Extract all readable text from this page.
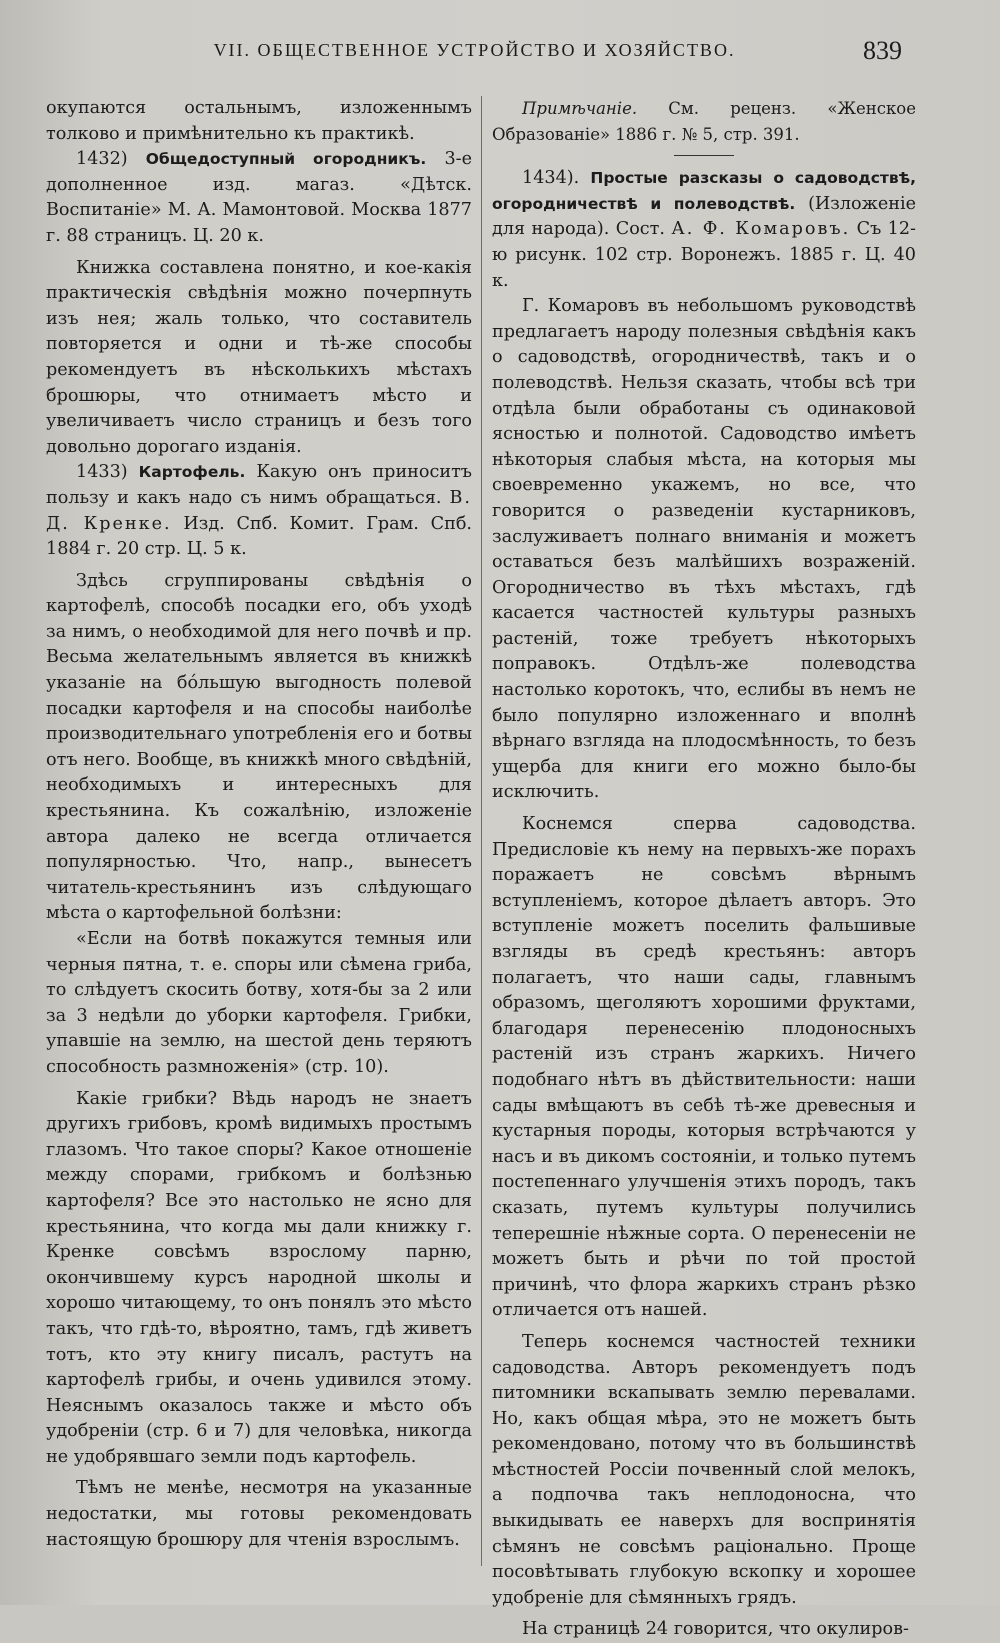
VII. ОБЩЕСТВЕННОЕ УСТРОЙСТВО И ХОЗЯЙСТВО.	839

окупаются остальнымъ, изложеннымъ толково и примѣнительно къ практикѣ.

1432) Общедоступный огородникъ. 3-е дополненное изд. магаз. «Дѣтск. Воспитаніе» М. А. Мамонтовой. Москва 1877 г. 88 страницъ. Ц. 20 к.

Книжка составлена понятно, и кое-какія практическія свѣдѣнія можно почерпнуть изъ нея; жаль только, что составитель повторяется и одни и тѣ-же способы рекомендуетъ въ нѣсколькихъ мѣстахъ брошюры, что отнимаетъ мѣсто и увеличиваетъ число страницъ и безъ того довольно дорогаго изданія.

1433) Картофель. Какую онъ приноситъ пользу и какъ надо съ нимъ обращаться. В. Д. Кренке. Изд. Спб. Комит. Грам. Спб. 1884 г. 20 стр. Ц. 5 к.

Здѣсь сгруппированы свѣдѣнія о картофелѣ, способѣ посадки его, объ уходѣ за нимъ, о необходимой для него почвѣ и пр. Весьма желательнымъ является въ книжкѣ указаніе на бо́льшую выгодность полевой посадки картофеля и на способы наиболѣе производительнаго употребленія его и ботвы отъ него. Вообще, въ книжкѣ много свѣдѣній, необходимыхъ и интересныхъ для крестьянина. Къ сожалѣнію, изложеніе автора далеко не всегда отличается популярностью. Что, напр., вынесетъ читатель-крестьянинъ изъ слѣдующаго мѣста о картофельной болѣзни:

«Если на ботвѣ покажутся темныя или черныя пятна, т. е. споры или сѣмена гриба, то слѣдуетъ скосить ботву, хотя-бы за 2 или за 3 недѣли до уборки картофеля. Грибки, упавшіе на землю, на шестой день теряютъ способность размноженія» (стр. 10).

Какіе грибки? Вѣдь народъ не знаетъ другихъ грибовъ, кромѣ видимыхъ простымъ глазомъ. Что такое споры? Какое отношеніе между спорами, грибкомъ и болѣзнью картофеля? Все это настолько не ясно для крестьянина, что когда мы дали книжку г. Кренке совсѣмъ взрослому парню, окончившему курсъ народной школы и хорошо читающему, то онъ понялъ это мѣсто такъ, что гдѣ-то, вѣроятно, тамъ, гдѣ живетъ тотъ, кто эту книгу писалъ, растутъ на картофелѣ грибы, и очень удивился этому. Неяснымъ оказалось также и мѣсто объ удобреніи (стр. 6 и 7) для человѣка, никогда не удобрявшаго земли подъ картофель.

Тѣмъ не менѣе, несмотря на указанные недостатки, мы готовы рекомендовать настоящую брошюру для чтенія взрослымъ.

Примѣчаніе. См. реценз. «Женское Образованіе» 1886 г. № 5, стр. 391.

1434). Простые разсказы о садоводствѣ, огородничествѣ и полеводствѣ. (Изложеніе для народа). Сост. А. Ф. Комаровъ. Съ 12-ю рисунк. 102 стр. Воронежъ. 1885 г. Ц. 40 к.

Г. Комаровъ въ небольшомъ руководствѣ предлагаетъ народу полезныя свѣдѣнія какъ о садоводствѣ, огородничествѣ, такъ и о полеводствѣ. Нельзя сказать, чтобы всѣ три отдѣла были обработаны съ одинаковой ясностью и полнотой. Садоводство имѣетъ нѣкоторыя слабыя мѣста, на которыя мы своевременно укажемъ, но все, что говорится о разведеніи кустарниковъ, заслуживаетъ полнаго вниманія и можетъ оставаться безъ малѣйшихъ возраженій. Огородничество въ тѣхъ мѣстахъ, гдѣ касается частностей культуры разныхъ растеній, тоже требуетъ нѣкоторыхъ поправокъ. Отдѣлъ-же полеводства настолько коротокъ, что, еслибы въ немъ не было популярно изложеннаго и вполнѣ вѣрнаго взгляда на плодосмѣнность, то безъ ущерба для книги его можно было-бы исключить.

Коснемся сперва садоводства. Предисловіе къ нему на первыхъ-же порахъ поражаетъ не совсѣмъ вѣрнымъ вступленіемъ, которое дѣлаетъ авторъ. Это вступленіе можетъ поселить фальшивые взгляды въ средѣ крестьянъ: авторъ полагаетъ, что наши сады, главнымъ образомъ, щеголяютъ хорошими фруктами, благодаря перенесенію плодоносныхъ растеній изъ странъ жаркихъ. Ничего подобнаго нѣтъ въ дѣйствительности: наши сады вмѣщаютъ въ себѣ тѣ-же древесныя и кустарныя породы, которыя встрѣчаются у насъ и въ дикомъ состояніи, и только путемъ постепеннаго улучшенія этихъ породъ, такъ сказать, путемъ культуры получились теперешніе нѣжные сорта. О перенесеніи не можетъ быть и рѣчи по той простой причинѣ, что флора жаркихъ странъ рѣзко отличается отъ нашей.

Теперь коснемся частностей техники садоводства. Авторъ рекомендуетъ подъ питомники вскапывать землю перевалами. Но, какъ общая мѣра, это не можетъ быть рекомендовано, потому что въ большинствѣ мѣстностей Россіи почвенный слой мелокъ, а подпочва такъ неплодоносна, что выкидывать ее наверхъ для воспринятія сѣмянъ не совсѣмъ раціонально. Проще посовѣтывать глубокую вскопку и хорошее удобреніе для сѣмянныхъ грядъ.

На страницѣ 24 говорится, что окулиров-
